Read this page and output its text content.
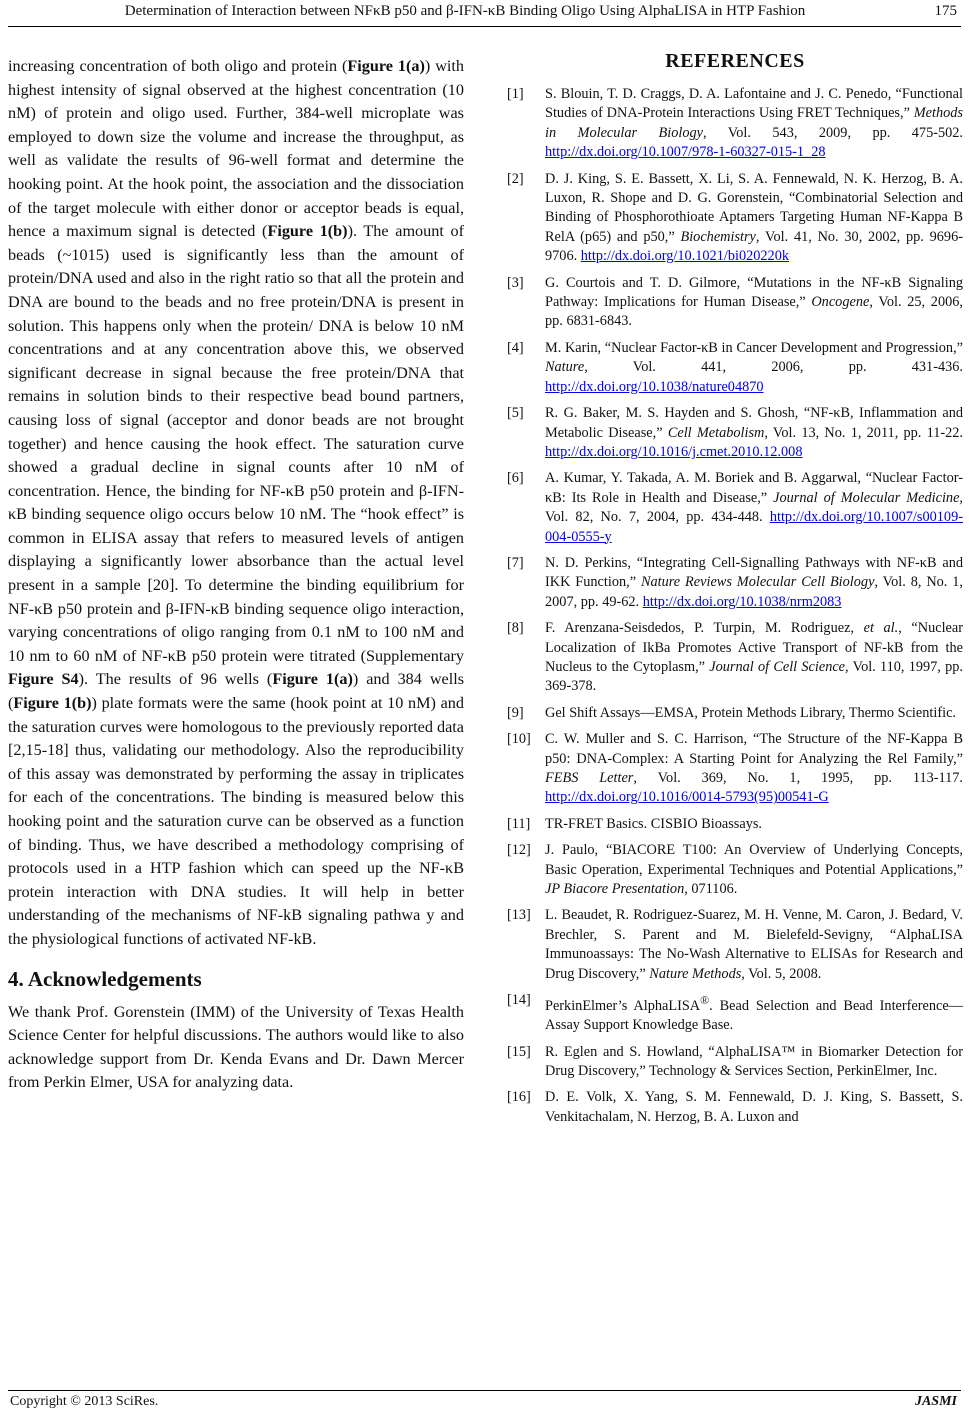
Determination of Interaction between NFκB p50 and β-IFN-κB Binding Oligo Using AlphaLISA in HTP Fashion	175

increasing concentration of both oligo and protein (Figure 1(a)) with highest intensity of signal observed at the highest concentration (10 nM) of protein and oligo used. Further, 384-well microplate was employed to down size the volume and increase the throughput, as well as validate the results of 96-well format and determine the hooking point. At the hook point, the association and the dissociation of the target molecule with either donor or acceptor beads is equal, hence a maximum signal is detected (Figure 1(b)). The amount of beads (~1015) used is significantly less than the amount of protein/DNA used and also in the right ratio so that all the protein and DNA are bound to the beads and no free protein/DNA is present in solution. This happens only when the protein/ DNA is below 10 nM concentrations and at any concentration above this, we observed significant decrease in signal because the free protein/DNA that remains in solution binds to their respective bead bound partners, causing loss of signal (acceptor and donor beads are not brought together) and hence causing the hook effect. The saturation curve showed a gradual decline in signal counts after 10 nM of concentration. Hence, the binding for NF-κB p50 protein and β-IFN-κB binding sequence oligo occurs below 10 nM. The “hook effect” is common in ELISA assay that refers to measured levels of antigen displaying a significantly lower absorbance than the actual level present in a sample [20]. To determine the binding equilibrium for NF-κB p50 protein and β-IFN-κB binding sequence oligo interaction, varying concentrations of oligo ranging from 0.1 nM to 100 nM and 10 nm to 60 nM of NF-κB p50 protein were titrated (Supplementary Figure S4). The results of 96 wells (Figure 1(a)) and 384 wells (Figure 1(b)) plate formats were the same (hook point at 10 nM) and the saturation curves were homologous to the previously reported data [2,15-18] thus, validating our methodology. Also the reproducibility of this assay was demonstrated by performing the assay in triplicates for each of the concentrations. The binding is measured below this hooking point and the saturation curve can be observed as a function of binding. Thus, we have described a methodology comprising of protocols used in a HTP fashion which can speed up the NF-κB protein interaction with DNA studies. It will help in better understanding of the mechanisms of NF-kB signaling pathwa y and the physiological functions of activated NF-kB.

4. Acknowledgements

We thank Prof. Gorenstein (IMM) of the University of Texas Health Science Center for helpful discussions. The authors would like to also acknowledge support from Dr. Kenda Evans and Dr. Dawn Mercer from Perkin Elmer, USA for analyzing data.

REFERENCES
[1]	S. Blouin, T. D. Craggs, D. A. Lafontaine and J. C. Penedo, “Functional Studies of DNA-Protein Interactions Using FRET Techniques,” Methods in Molecular Biology, Vol. 543, 2009, pp. 475-502. http://dx.doi.org/10.1007/978-1-60327-015-1_28
[2]	D. J. King, S. E. Bassett, X. Li, S. A. Fennewald, N. K. Herzog, B. A. Luxon, R. Shope and D. G. Gorenstein, “Combinatorial Selection and Binding of Phosphorothioate Aptamers Targeting Human NF-Kappa B RelA (p65) and p50,” Biochemistry, Vol. 41, No. 30, 2002, pp. 9696-9706. http://dx.doi.org/10.1021/bi020220k
[3]	G. Courtois and T. D. Gilmore, “Mutations in the NF-κB Signaling Pathway: Implications for Human Disease,” Oncogene, Vol. 25, 2006, pp. 6831-6843.
[4]	M. Karin, “Nuclear Factor-κB in Cancer Development and Progression,” Nature, Vol. 441, 2006, pp. 431-436. http://dx.doi.org/10.1038/nature04870
[5]	R. G. Baker, M. S. Hayden and S. Ghosh, “NF-κB, Inflammation and Metabolic Disease,” Cell Metabolism, Vol. 13, No. 1, 2011, pp. 11-22. http://dx.doi.org/10.1016/j.cmet.2010.12.008
[6]	A. Kumar, Y. Takada, A. M. Boriek and B. Aggarwal, “Nuclear Factor-κB: Its Role in Health and Disease,” Journal of Molecular Medicine, Vol. 82, No. 7, 2004, pp. 434-448. http://dx.doi.org/10.1007/s00109-004-0555-y
[7]	N. D. Perkins, “Integrating Cell-Signalling Pathways with NF-κB and IKK Function,” Nature Reviews Molecular Cell Biology, Vol. 8, No. 1, 2007, pp. 49-62. http://dx.doi.org/10.1038/nrm2083
[8]	F. Arenzana-Seisdedos, P. Turpin, M. Rodriguez, et al., “Nuclear Localization of IkBa Promotes Active Transport of NF-kB from the Nucleus to the Cytoplasm,” Journal of Cell Science, Vol. 110, 1997, pp. 369-378.
[9]	Gel Shift Assays—EMSA, Protein Methods Library, Thermo Scientific.
[10] C. W. Muller and S. C. Harrison, “The Structure of the NF-Kappa B p50: DNA-Complex: A Starting Point for Analyzing the Rel Family,” FEBS Letter, Vol. 369, No. 1, 1995, pp. 113-117. http://dx.doi.org/10.1016/0014-5793(95)00541-G
[11]	TR-FRET Basics. CISBIO Bioassays.
[12] J. Paulo, “BIACORE T100: An Overview of Underlying Concepts, Basic Operation, Experimental Techniques and Potential Applications,” JP Biacore Presentation, 071106.
[13] L. Beaudet, R. Rodriguez-Suarez, M. H. Venne, M. Caron, J. Bedard, V. Brechler, S. Parent and M. Bielefeld-Sevigny, “AlphaLISA Immunoassays: The No-Wash Alternative to ELISAs for Research and Drug Discovery,” Nature Methods, Vol. 5, 2008.
[14] PerkinElmer’s AlphaLISA®. Bead Selection and Bead Interference—Assay Support Knowledge Base.
[15] R. Eglen and S. Howland, “AlphaLISA™ in Biomarker Detection for Drug Discovery,” Technology & Services Section, PerkinElmer, Inc.
[16] D. E. Volk, X. Yang, S. M. Fennewald, D. J. King, S. Bassett, S. Venkitachalam, N. Herzog, B. A. Luxon and
Copyright © 2013 SciRes.	JASMI
